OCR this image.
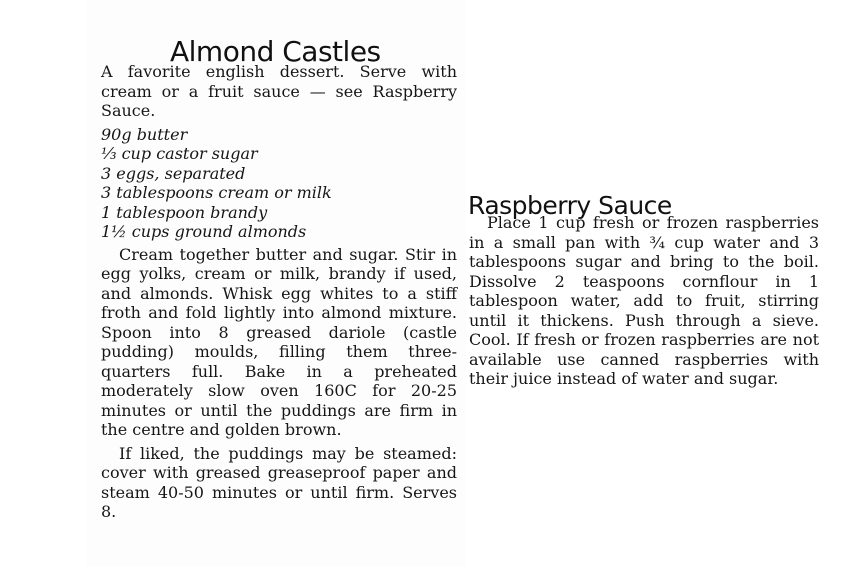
Almond Castles

A favorite english dessert. Serve with cream or a fruit sauce — see Raspberry Sauce.

90g butter
⅓ cup castor sugar
3 eggs, separated
3 tablespoons cream or milk
1 tablespoon brandy
1½ cups ground almonds

Cream together butter and sugar. Stir in egg yolks, cream or milk, brandy if used, and almonds. Whisk egg whites to a stiff froth and fold lightly into almond mixture. Spoon into 8 greased dariole (castle pudding) moulds, filling them three-quarters full. Bake in a preheated moderately slow oven 160C for 20-25 minutes or until the puddings are firm in the centre and golden brown.

If liked, the puddings may be steamed: cover with greased greaseproof paper and steam 40-50 minutes or until firm. Serves 8.

Raspberry Sauce

Place 1 cup fresh or frozen raspberries in a small pan with ¾ cup water and 3 tablespoons sugar and bring to the boil. Dissolve 2 teaspoons cornflour in 1 tablespoon water, add to fruit, stirring until it thickens. Push through a sieve. Cool. If fresh or frozen raspberries are not available use canned raspberries with their juice instead of water and sugar.
